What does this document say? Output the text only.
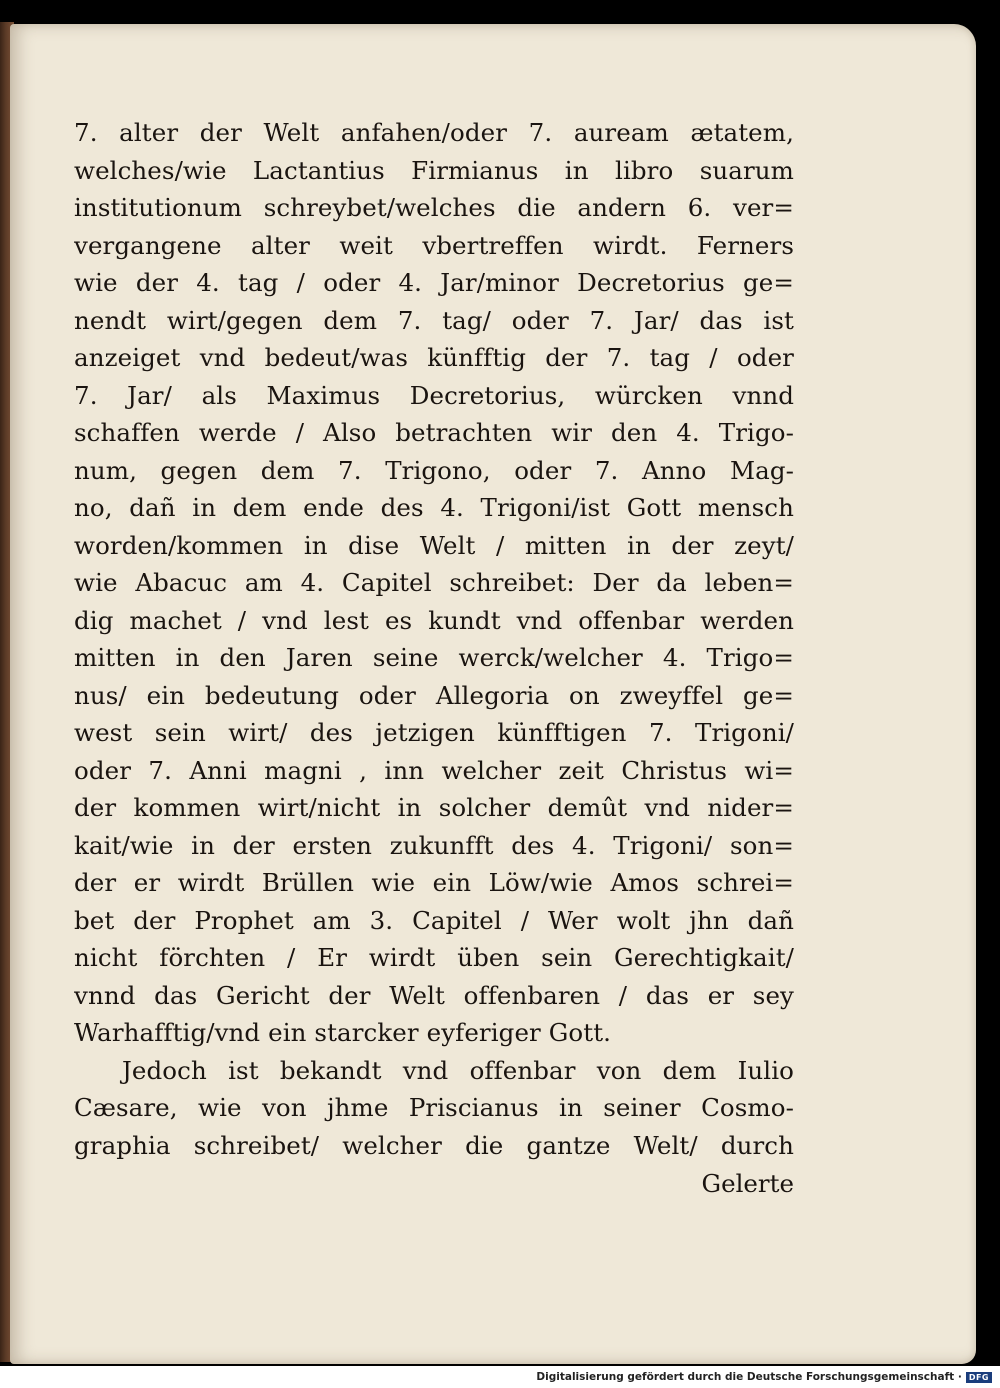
7. alter der Welt anfahen/oder 7. auream ætatem,
welches/wie Lactantius Firmianus in libro suarum
institutionum schreybet/welches die andern 6. ver=
vergangene alter weit vbertreffen wirdt. Ferners
wie der 4. tag / oder 4. Jar/minor Decretorius ge=
nendt wirt/gegen dem 7. tag/ oder 7. Jar/ das ist
anzeiget vnd bedeut/was künfftig der 7. tag / oder
7. Jar/ als Maximus Decretorius, würcken vnnd
schaffen werde / Also betrachten wir den 4. Trigo-
num, gegen dem 7. Trigono, oder 7. Anno Mag-
no, dañ in dem ende des 4. Trigoni/ist Gott mensch
worden/kommen in dise Welt / mitten in der zeyt/
wie Abacuc am 4. Capitel schreibet: Der da leben=
dig machet / vnd lest es kundt vnd offenbar werden
mitten in den Jaren seine werck/welcher 4. Trigo=
nus/ ein bedeutung oder Allegoria on zweyffel ge=
west sein wirt/ des jetzigen künfftigen 7. Trigoni/
oder 7. Anni magni , inn welcher zeit Christus wi=
der kommen wirt/nicht in solcher demût vnd nider=
kait/wie in der ersten zukunfft des 4. Trigoni/ son=
der er wirdt Brüllen wie ein Löw/wie Amos schrei=
bet der Prophet am 3. Capitel / Wer wolt jhn dañ
nicht förchten / Er wirdt üben sein Gerechtigkait/
vnnd das Gericht der Welt offenbaren / das er sey
Warhafftig/vnd ein starcker eyferiger Gott.
Jedoch ist bekandt vnd offenbar von dem Iulio
Cæsare, wie von jhme Priscianus in seiner Cosmo-
graphia schreibet/ welcher die gantze Welt/ durch
Gelerte
Digitalisierung gefördert durch die Deutsche Forschungsgemeinschaft · DFG
